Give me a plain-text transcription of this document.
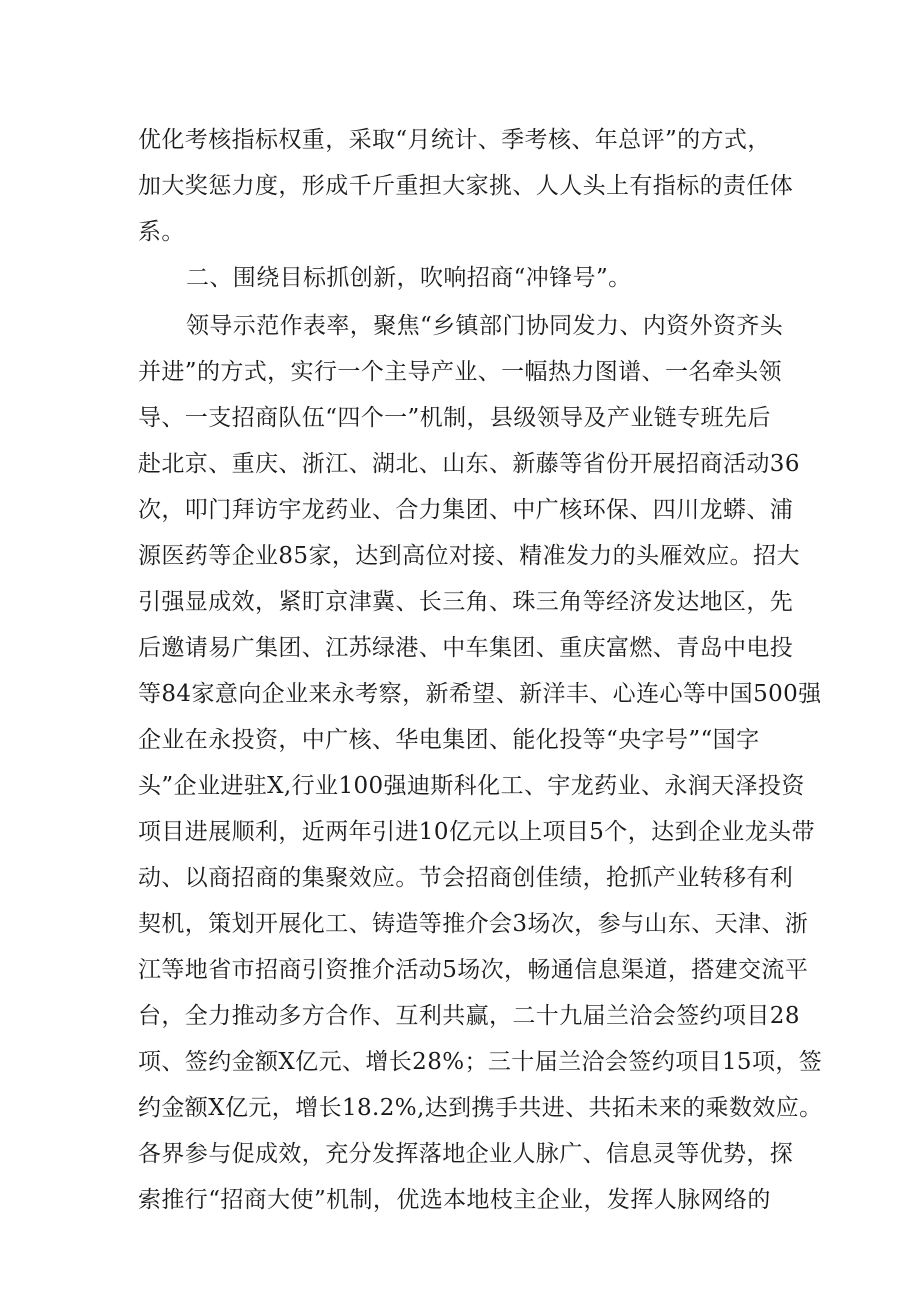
优化考核指标权重，采取“月统计、季考核、年总评”的方式，
加大奖惩力度，形成千斤重担大家挑、人人头上有指标的责任体
系。
二、围绕目标抓创新，吹响招商“冲锋号”。
领导示范作表率，聚焦“乡镇部门协同发力、内资外资齐头
并进”的方式，实行一个主导产业、一幅热力图谱、一名牵头领
导、一支招商队伍“四个一”机制，县级领导及产业链专班先后
赴北京、重庆、浙江、湖北、山东、新藤等省份开展招商活动36
次，叩门拜访宇龙药业、合力集团、中广核环保、四川龙蟒、浦
源医药等企业85家，达到高位对接、精准发力的头雁效应。招大
引强显成效，紧盯京津冀、长三角、珠三角等经济发达地区，先
后邀请易广集团、江苏绿港、中车集团、重庆富燃、青岛中电投
等84家意向企业来永考察，新希望、新洋丰、心连心等中国500强
企业在永投资，中广核、华电集团、能化投等“央字号”“国字
头”企业进驻X,行业100强迪斯科化工、宇龙药业、永润天泽投资
项目进展顺利，近两年引进10亿元以上项目5个，达到企业龙头带
动、以商招商的集聚效应。节会招商创佳绩，抢抓产业转移有利
契机，策划开展化工、铸造等推介会3场次，参与山东、天津、浙
江等地省市招商引资推介活动5场次，畅通信息渠道，搭建交流平
台，全力推动多方合作、互利共赢，二十九届兰洽会签约项目28
项、签约金额X亿元、增长28%；三十届兰洽会签约项目15项，签
约金额X亿元，增长18.2%,达到携手共进、共拓未来的乘数效应。
各界参与促成效，充分发挥落地企业人脉广、信息灵等优势，探
索推行“招商大使”机制，优选本地枝主企业，发挥人脉网络的
